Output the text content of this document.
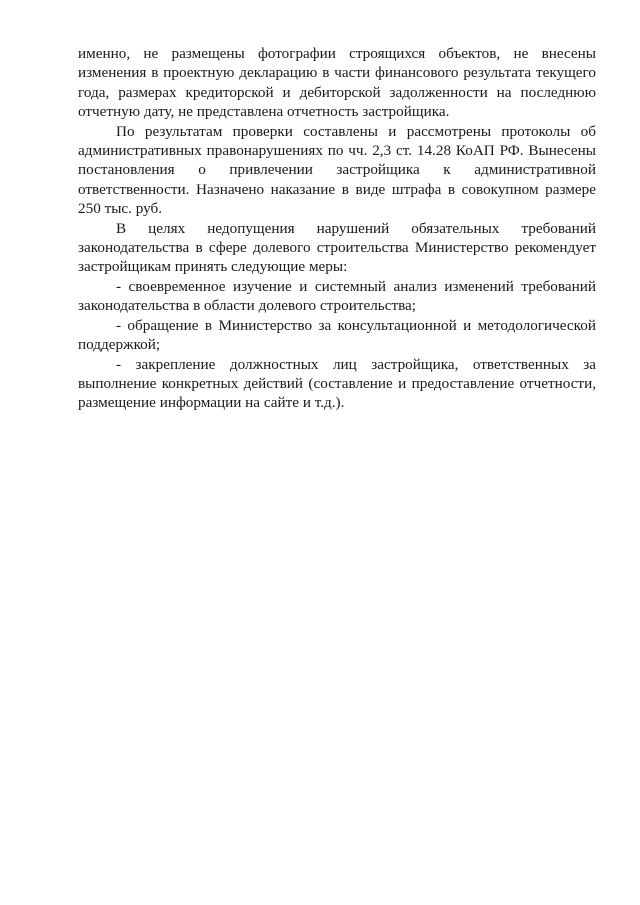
именно, не размещены фотографии строящихся объектов, не внесены изменения в проектную декларацию в части финансового результата текущего года, размерах кредиторской и дебиторской задолженности на последнюю отчетную дату, не представлена отчетность застройщика.

По результатам проверки составлены и рассмотрены протоколы об административных правонарушениях по чч. 2,3 ст. 14.28 КоАП РФ. Вынесены постановления о привлечении застройщика к административной ответственности. Назначено наказание в виде штрафа в совокупном размере 250 тыс. руб.

В целях недопущения нарушений обязательных требований законодательства в сфере долевого строительства Министерство рекомендует застройщикам принять следующие меры:

- своевременное изучение и системный анализ изменений требований законодательства в области долевого строительства;

- обращение в Министерство за консультационной и методологической поддержкой;

- закрепление должностных лиц застройщика, ответственных за выполнение конкретных действий (составление и предоставление отчетности, размещение информации на сайте и т.д.).
